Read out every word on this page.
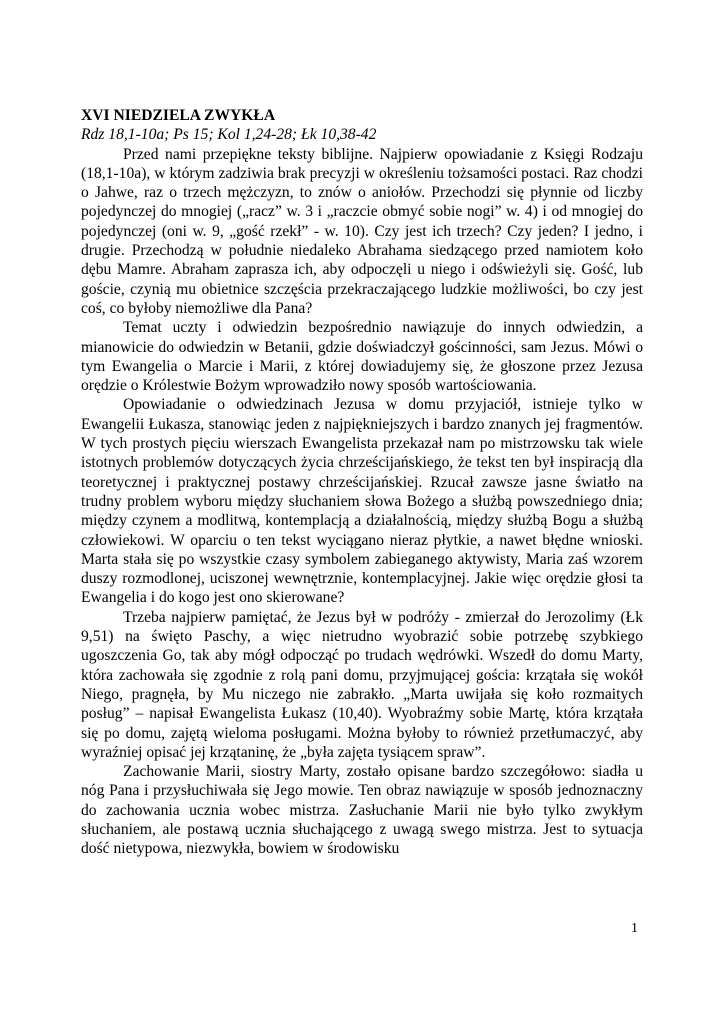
XVI NIEDZIELA ZWYKŁA

Rdz 18,1-10a; Ps 15; Kol 1,24-28; Łk 10,38-42

Przed nami przepiękne teksty biblijne. Najpierw opowiadanie z Księgi Rodzaju (18,1-10a), w którym zadziwia brak precyzji w określeniu tożsamości postaci. Raz chodzi o Jahwe, raz o trzech mężczyzn, to znów o aniołów. Przechodzi się płynnie od liczby pojedynczej do mnogiej („racz” w. 3 i „raczcie obmyć sobie nogi” w. 4) i od mnogiej do pojedynczej (oni w. 9, „gość rzekł” - w. 10). Czy jest ich trzech? Czy jeden? I jedno, i drugie. Przechodzą w południe niedaleko Abrahama siedzącego przed namiotem koło dębu Mamre. Abraham zaprasza ich, aby odpoczęli u niego i odświeżyli się. Gość, lub goście, czynią mu obietnice szczęścia przekraczającego ludzkie możliwości, bo czy jest coś, co byłoby niemożliwe dla Pana?

Temat uczty i odwiedzin bezpośrednio nawiązuje do innych odwiedzin, a mianowicie do odwiedzin w Betanii, gdzie doświadczył gościnności, sam Jezus. Mówi o tym Ewangelia o Marcie i Marii, z której dowiadujemy się, że głoszone przez Jezusa orędzie o Królestwie Bożym wprowadziło nowy sposób wartościowania.

Opowiadanie o odwiedzinach Jezusa w domu przyjaciół, istnieje tylko w Ewangelii Łukasza, stanowiąc jeden z najpiękniejszych i bardzo znanych jej fragmentów. W tych prostych pięciu wierszach Ewangelista przekazał nam po mistrzowsku tak wiele istotnych problemów dotyczących życia chrześcijańskiego, że tekst ten był inspiracją dla teoretycznej i praktycznej postawy chrześcijańskiej. Rzucał zawsze jasne światło na trudny problem wyboru między słuchaniem słowa Bożego a służbą powszedniego dnia; między czynem a modlitwą, kontemplacją a działalnością, między służbą Bogu a służbą człowiekowi. W oparciu o ten tekst wyciągano nieraz płytkie, a nawet błędne wnioski. Marta stała się po wszystkie czasy symbolem zabieganego aktywisty, Maria zaś wzorem duszy rozmodlonej, uciszonej wewnętrznie, kontemplacyjnej. Jakie więc orędzie głosi ta Ewangelia i do kogo jest ono skierowane?

Trzeba najpierw pamiętać, że Jezus był w podróży - zmierzał do Jerozolimy (Łk 9,51) na święto Paschy, a więc nietrudno wyobrazić sobie potrzebę szybkiego ugoszczenia Go, tak aby mógł odpocząć po trudach wędrówki. Wszedł do domu Marty, która zachowała się zgodnie z rolą pani domu, przyjmującej gościa: krzątała się wokół Niego, pragnęła, by Mu niczego nie zabrakło. „Marta uwijała się koło rozmaitych posług” – napisał Ewangelista Łukasz (10,40). Wyobraźmy sobie Martę, która krzątała się po domu, zajętą wieloma posługami. Można byłoby to również przetłumaczyć, aby wyraźniej opisać jej krzątaninę, że „była zajęta tysiącem spraw”.

Zachowanie Marii, siostry Marty, zostało opisane bardzo szczegółowo: siadła u nóg Pana i przysłuchiwała się Jego mowie. Ten obraz nawiązuje w sposób jednoznaczny do zachowania ucznia wobec mistrza. Zasłuchanie Marii nie było tylko zwykłym słuchaniem, ale postawą ucznia słuchającego z uwagą swego mistrza. Jest to sytuacja dość nietypowa, niezwykła, bowiem w środowisku

1
